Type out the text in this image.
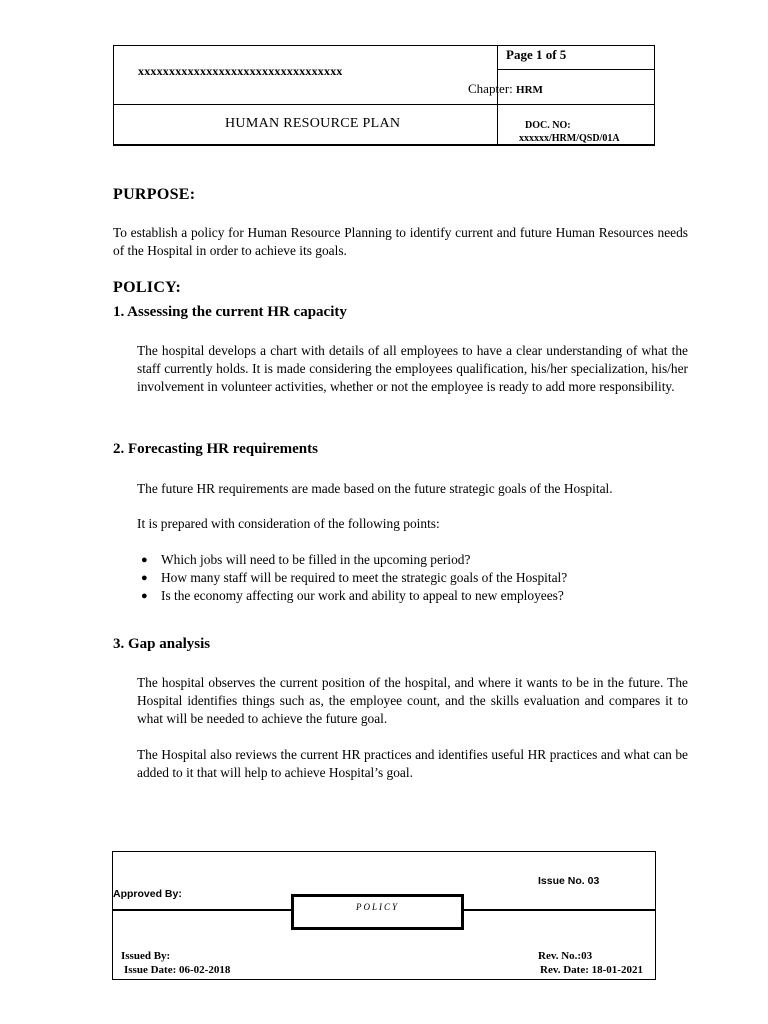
xxxxxxxxxxxxxxxxxxxxxxxxxxxxxxxxx
Page 1 of 5
Chapter: HRM
HUMAN RESOURCE PLAN	DOC. NO:
xxxxxx/HRM/QSD/01A
PURPOSE:
To establish a policy for Human Resource Planning to identify current and future Human Resources needs of the Hospital in order to achieve its goals.
POLICY:
1. Assessing the current HR capacity
The hospital develops a chart with details of all employees to have a clear understanding of what the staff currently holds. It is made considering the employees qualification, his/her specialization, his/her involvement in volunteer activities, whether or not the employee is ready to add more responsibility.
2. Forecasting HR requirements
The future HR requirements are made based on the future strategic goals of the Hospital.
It is prepared with consideration of the following points:
● Which jobs will need to be filled in the upcoming period?
● How many staff will be required to meet the strategic goals of the Hospital?
● Is the economy affecting our work and ability to appeal to new employees?
3. Gap analysis
The hospital observes the current position of the hospital, and where it wants to be in the future. The Hospital identifies things such as, the employee count, and the skills evaluation and compares it to what will be needed to achieve the future goal.
The Hospital also reviews the current HR practices and identifies useful HR practices and what can be added to it that will help to achieve Hospital’s goal.
POLICY
Approved By:
Issue No. 03
Issued By:
Issue Date: 06-02-2018
Rev. No.:03
Rev. Date: 18-01-2021
